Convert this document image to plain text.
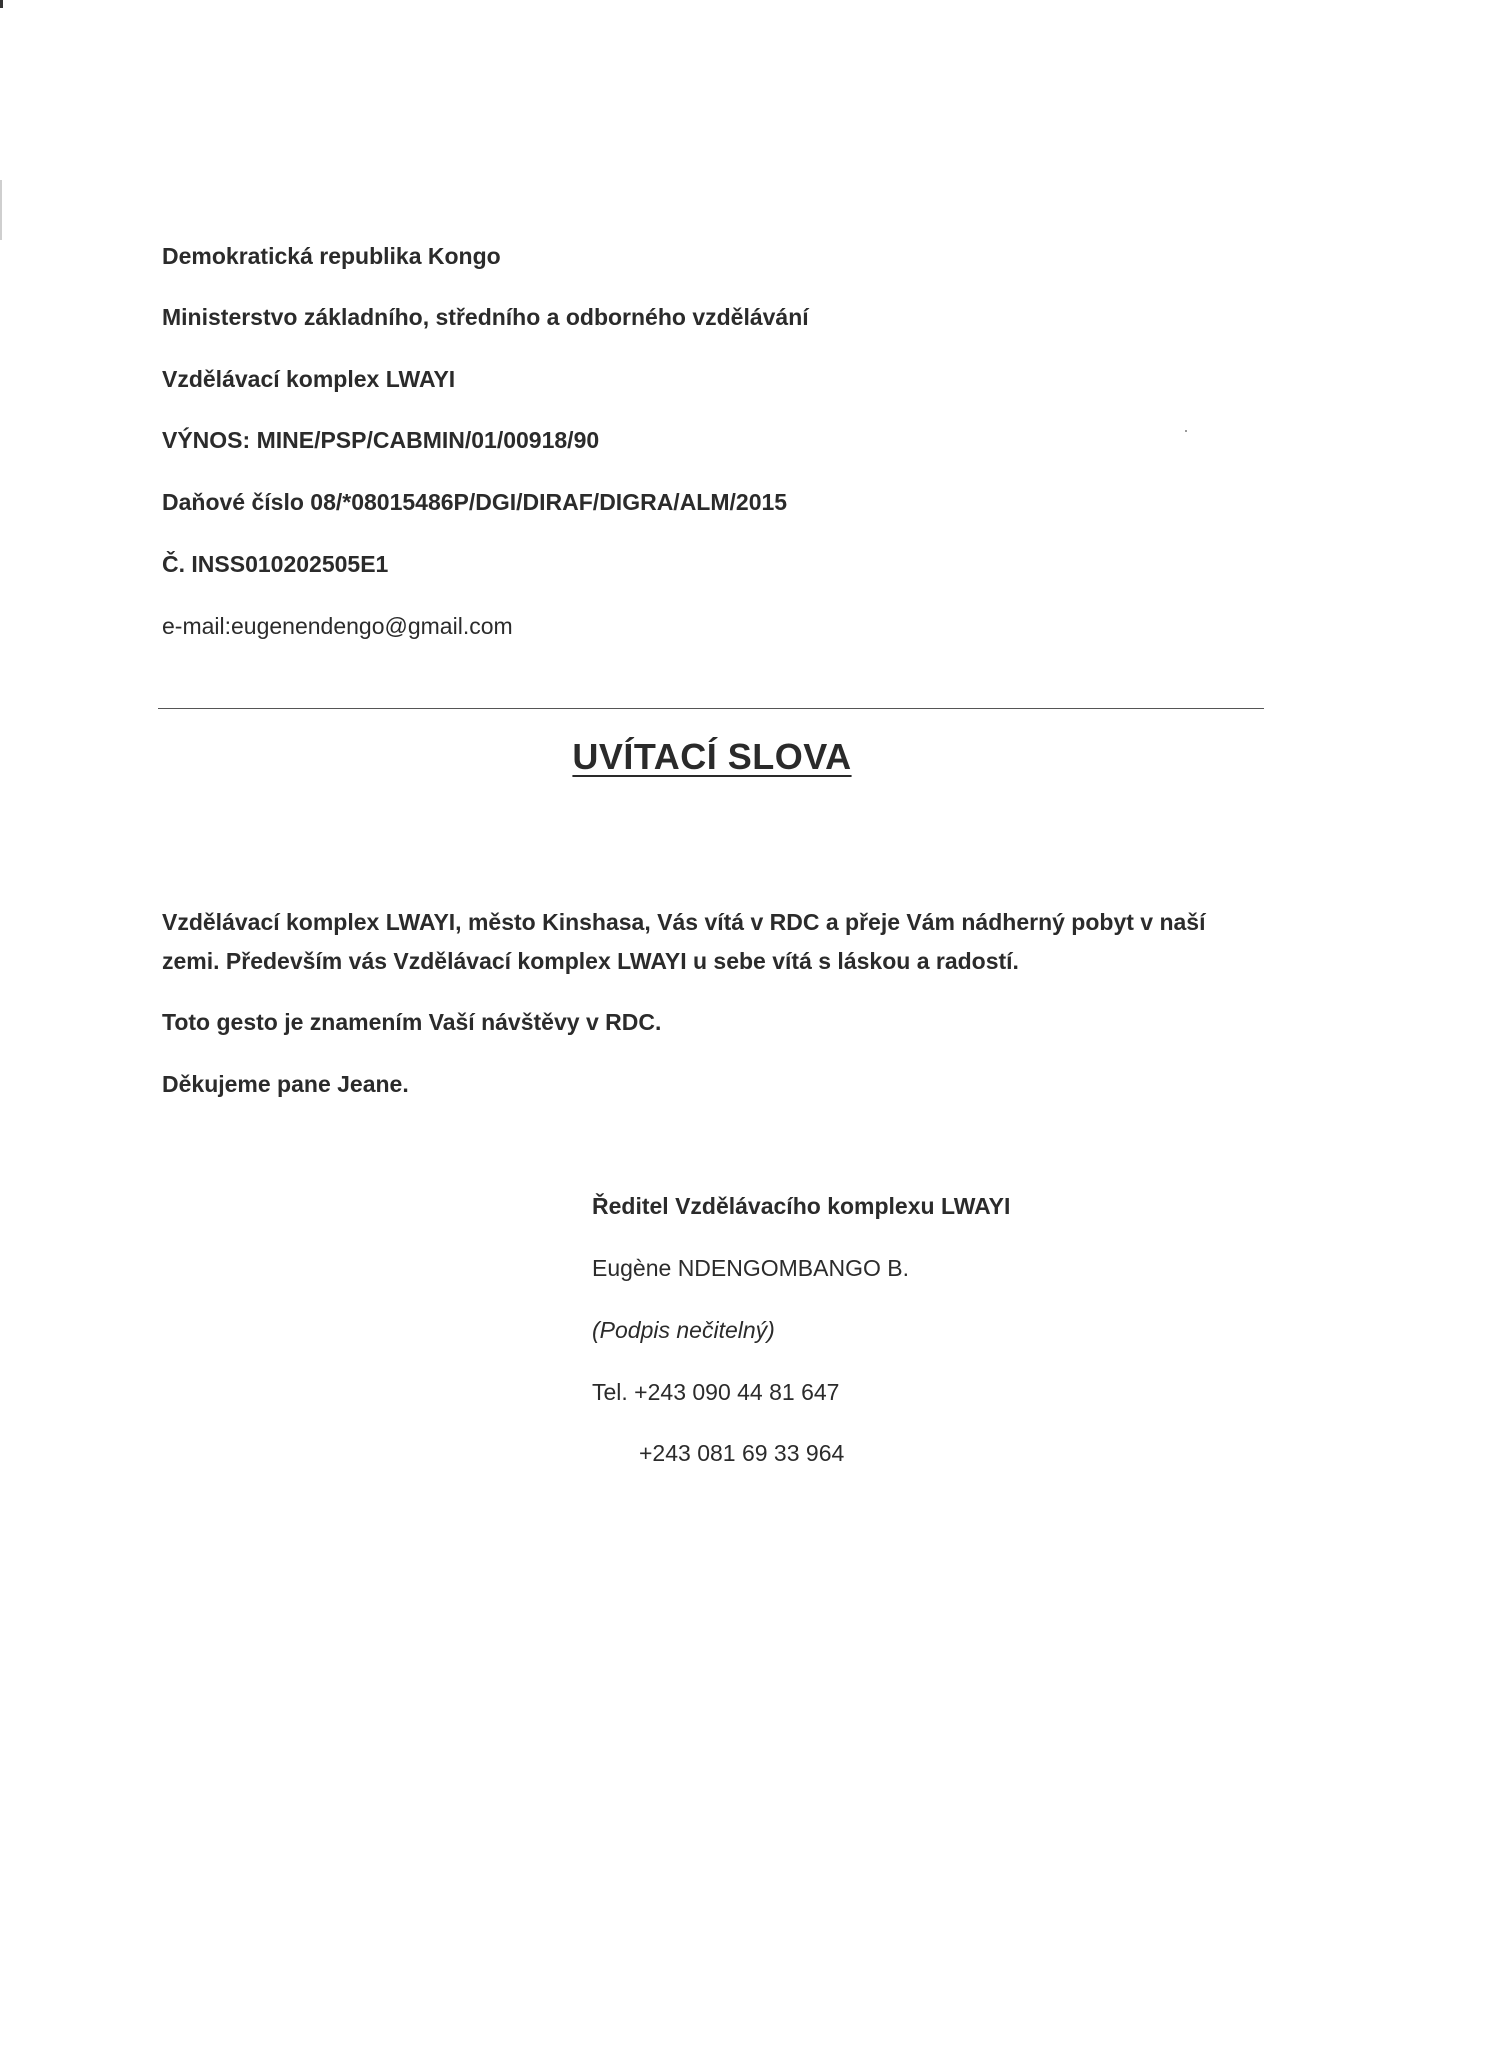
Demokratická republika Kongo
Ministerstvo základního, středního a odborného vzdělávání
Vzdělávací komplex LWAYI
VÝNOS: MINE/PSP/CABMIN/01/00918/90
Daňové číslo 08/*08015486P/DGI/DIRAF/DIGRA/ALM/2015
Č. INSS010202505E1
e-mail:eugenendengo@gmail.com
UVÍTACÍ SLOVA
Vzdělávací komplex LWAYI, město Kinshasa, Vás vítá v RDC a přeje Vám nádherný pobyt v naší zemi. Především vás Vzdělávací komplex LWAYI u sebe vítá s láskou a radostí.
Toto gesto je znamením Vaší návštěvy v RDC.
Děkujeme pane Jeane.
Ředitel Vzdělávacího komplexu LWAYI
Eugène NDENGOMBANGO B.
(Podpis nečitelný)
Tel. +243 090 44 81 647
+243 081 69 33 964
